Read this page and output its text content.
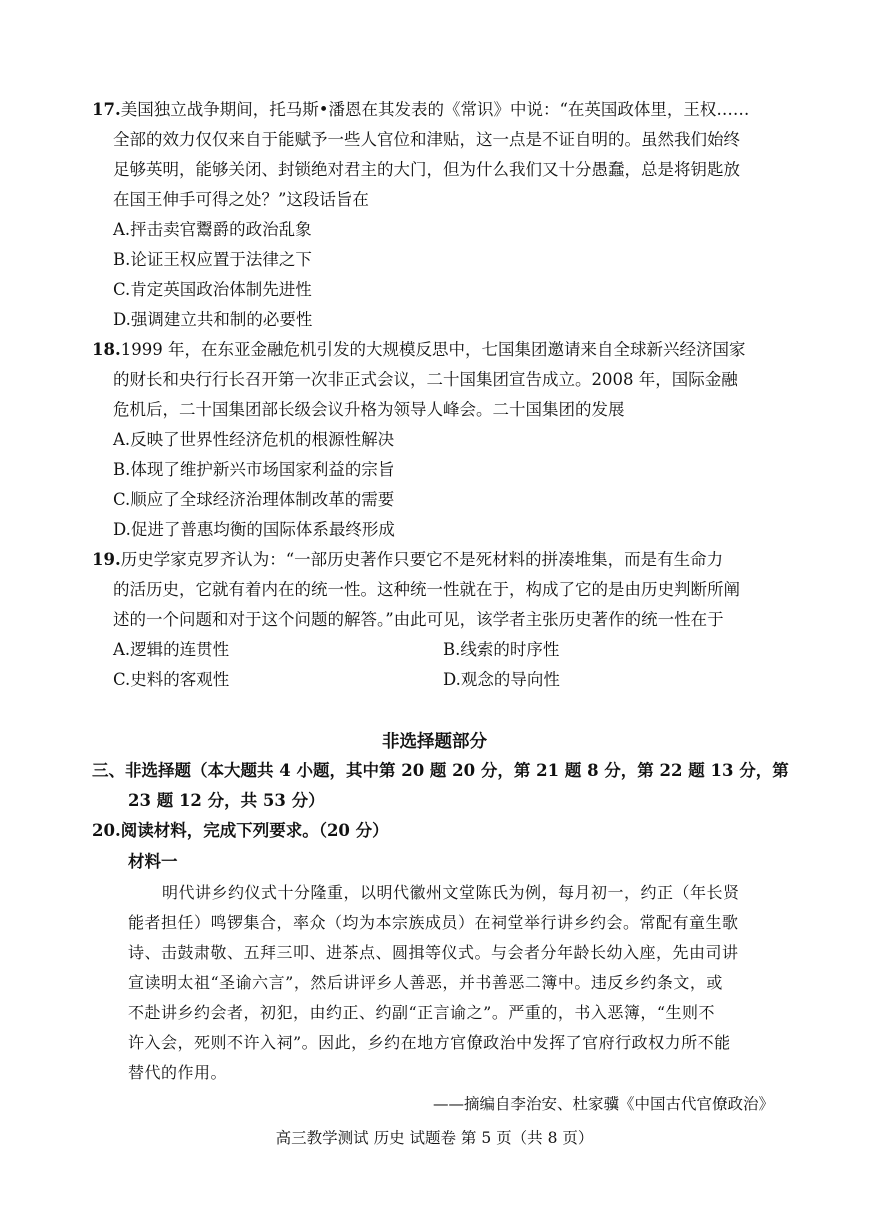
17.美国独立战争期间，托马斯•潘恩在其发表的《常识》中说：“在英国政体里，王权……
全部的效力仅仅来自于能赋予一些人官位和津贴，这一点是不证自明的。虽然我们始终
足够英明，能够关闭、封锁绝对君主的大门，但为什么我们又十分愚蠢，总是将钥匙放
在国王伸手可得之处？”这段话旨在
A.抨击卖官鬻爵的政治乱象
B.论证王权应置于法律之下
C.肯定英国政治体制先进性
D.强调建立共和制的必要性
18.1999 年，在东亚金融危机引发的大规模反思中，七国集团邀请来自全球新兴经济国家
的财长和央行行长召开第一次非正式会议，二十国集团宣告成立。2008 年，国际金融
危机后，二十国集团部长级会议升格为领导人峰会。二十国集团的发展
A.反映了世界性经济危机的根源性解决
B.体现了维护新兴市场国家利益的宗旨
C.顺应了全球经济治理体制改革的需要
D.促进了普惠均衡的国际体系最终形成
19.历史学家克罗齐认为：“一部历史著作只要它不是死材料的拼凑堆集，而是有生命力
的活历史，它就有着内在的统一性。这种统一性就在于，构成了它的是由历史判断所阐
述的一个问题和对于这个问题的解答。”由此可见，该学者主张历史著作的统一性在于
A.逻辑的连贯性	B.线索的时序性
C.史料的客观性	D.观念的导向性
非选择题部分
三、非选择题（本大题共 4 小题，其中第 20 题 20 分，第 21 题 8 分，第 22 题 13 分，第
23 题 12 分，共 53 分）
20.阅读材料，完成下列要求。（20 分）
材料一
明代讲乡约仪式十分隆重，以明代徽州文堂陈氏为例，每月初一，约正（年长贤
能者担任）鸣锣集合，率众（均为本宗族成员）在祠堂举行讲乡约会。常配有童生歌
诗、击鼓肃敬、五拜三叩、进茶点、圆揖等仪式。与会者分年龄长幼入座，先由司讲
宣读明太祖“圣谕六言”，然后讲评乡人善恶，并书善恶二簿中。违反乡约条文，或
不赴讲乡约会者，初犯，由约正、约副“正言谕之”。严重的，书入恶簿，“生则不
许入会，死则不许入祠”。因此，乡约在地方官僚政治中发挥了官府行政权力所不能
替代的作用。
——摘编自李治安、杜家骥《中国古代官僚政治》
高三教学测试 历史 试题卷 第 5 页（共 8 页）
